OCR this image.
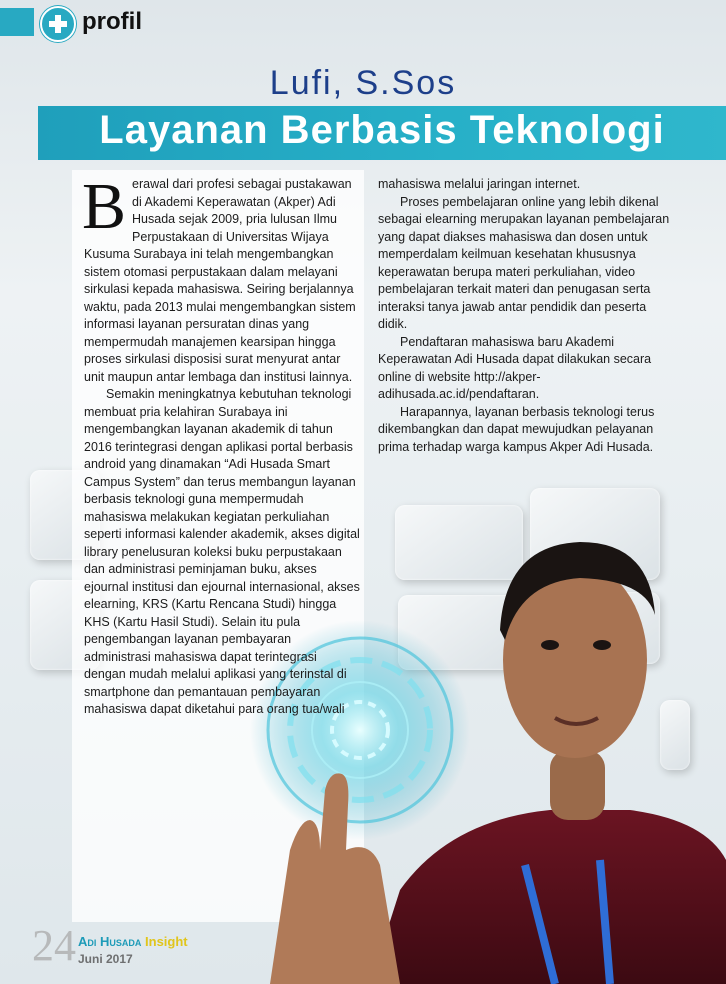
profil
Lufi, S.Sos
Layanan Berbasis Teknologi

B erawal dari profesi sebagai pustakawan di Akademi Keperawatan (Akper) Adi Husada sejak 2009, pria lulusan Ilmu Perpustakaan di Universitas Wijaya Kusuma Surabaya ini telah mengembangkan sistem otomasi perpustakaan dalam melayani sirkulasi kepada mahasiswa. Seiring berjalannya waktu, pada 2013 mulai mengembangkan sistem informasi layanan persuratan dinas yang mempermudah manajemen kearsipan hingga proses sirkulasi disposisi surat menyurat antar unit maupun antar lembaga dan institusi lainnya.

Semakin meningkatnya kebutuhan teknologi membuat pria kelahiran Surabaya ini mengembangkan layanan akademik di tahun 2016 terintegrasi dengan aplikasi portal berbasis android yang dinamakan “Adi Husada Smart Campus System” dan terus membangun layanan berbasis teknologi guna mempermudah mahasiswa melakukan kegiatan perkuliahan seperti informasi kalender akademik, akses digital library penelusuran koleksi buku perpustakaan dan administrasi peminjaman buku, akses ejournal institusi dan ejournal internasional, akses elearning, KRS (Kartu Rencana Studi) hingga KHS (Kartu Hasil Studi). Selain itu pula pengembangan layanan pembayaran administrasi mahasiswa dapat terintegrasi dengan mudah melalui aplikasi yang terinstal di smartphone dan pemantauan pembayaran mahasiswa dapat diketahui para orang tua/wali

mahasiswa melalui jaringan internet.

Proses pembelajaran online yang lebih dikenal sebagai elearning merupakan layanan pembelajaran yang dapat diakses mahasiswa dan dosen untuk memperdalam keilmuan kesehatan khususnya keperawatan berupa materi perkuliahan, video pembelajaran terkait materi dan penugasan serta interaksi tanya jawab antar pendidik dan peserta didik.

Pendaftaran mahasiswa baru Akademi Keperawatan Adi Husada dapat dilakukan secara online di website http://akper-adihusada.ac.id/pendaftaran.

Harapannya, layanan berbasis teknologi terus dikembangkan dan dapat mewujudkan pelayanan prima terhadap warga kampus Akper Adi Husada.

24 Adi Husada Insight
Juni 2017
